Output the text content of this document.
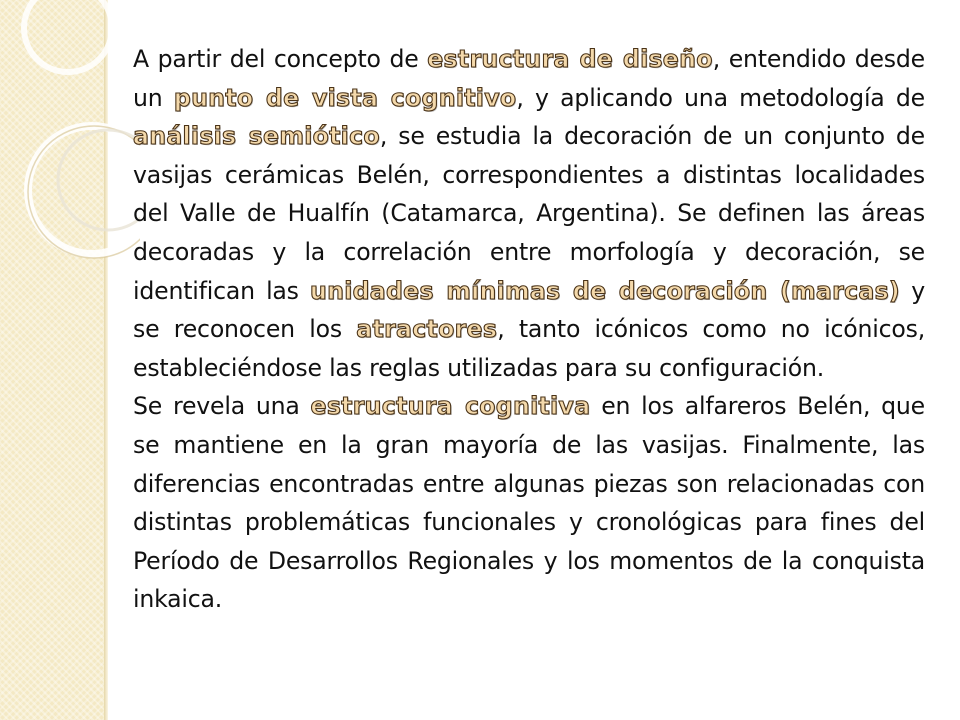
A partir del concepto de estructura de diseño, entendido desde un punto de vista cognitivo, y aplicando una metodología de análisis semiótico, se estudia la decoración de un conjunto de vasijas cerámicas Belén, correspondientes a distintas localidades del Valle de Hualfín (Catamarca, Argentina). Se definen las áreas decoradas y la correlación entre morfología y decoración, se identifican las unidades mínimas de decoración (marcas) y se reconocen los atractores, tanto icónicos como no icónicos, estableciéndose las reglas utilizadas para su configuración.

Se revela una estructura cognitiva en los alfareros Belén, que se mantiene en la gran mayoría de las vasijas. Finalmente, las diferencias encontradas entre algunas piezas son relacionadas con distintas problemáticas funcionales y cronológicas para fines del Período de Desarrollos Regionales y los momentos de la conquista inkaica.
